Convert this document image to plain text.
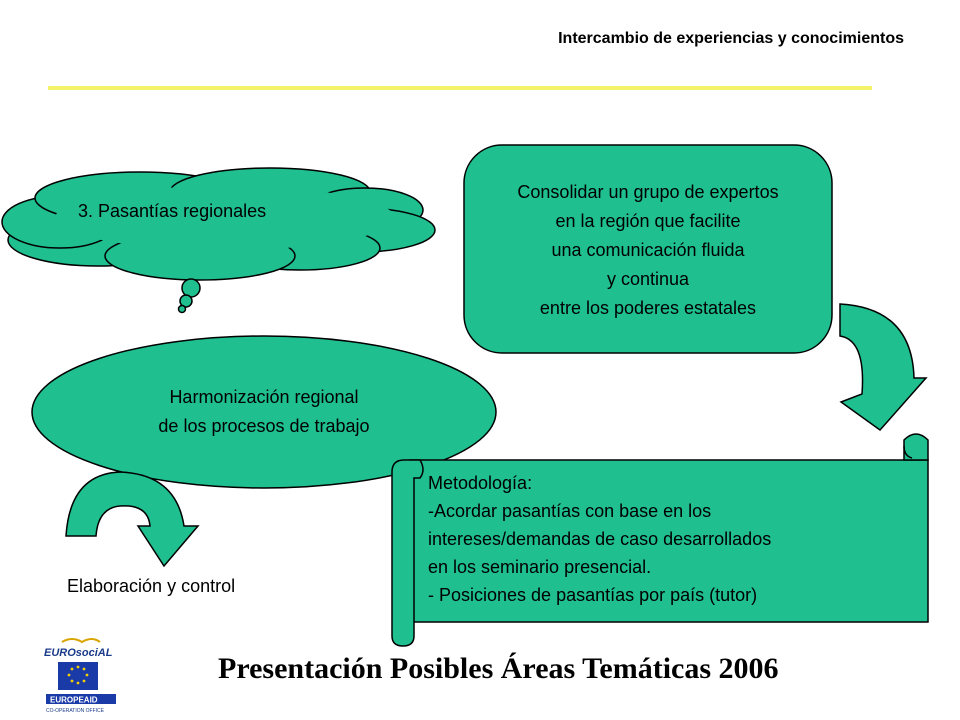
Intercambio de experiencias y conocimientos
3. Pasantías regionales
Consolidar un grupo de expertos
en la región que facilite
una comunicación fluida
y continua
entre los poderes estatales
Harmonización regional
de los procesos de trabajo
Metodología:
-Acordar pasantías con base en los
intereses/demandas de caso desarrollados
en los seminario presencial.
- Posiciones de pasantías por país (tutor)
Elaboración y control
EUROsociAL
EUROPEAID
CO-OPERATION OFFICE
Presentación Posibles Áreas Temáticas 2006
